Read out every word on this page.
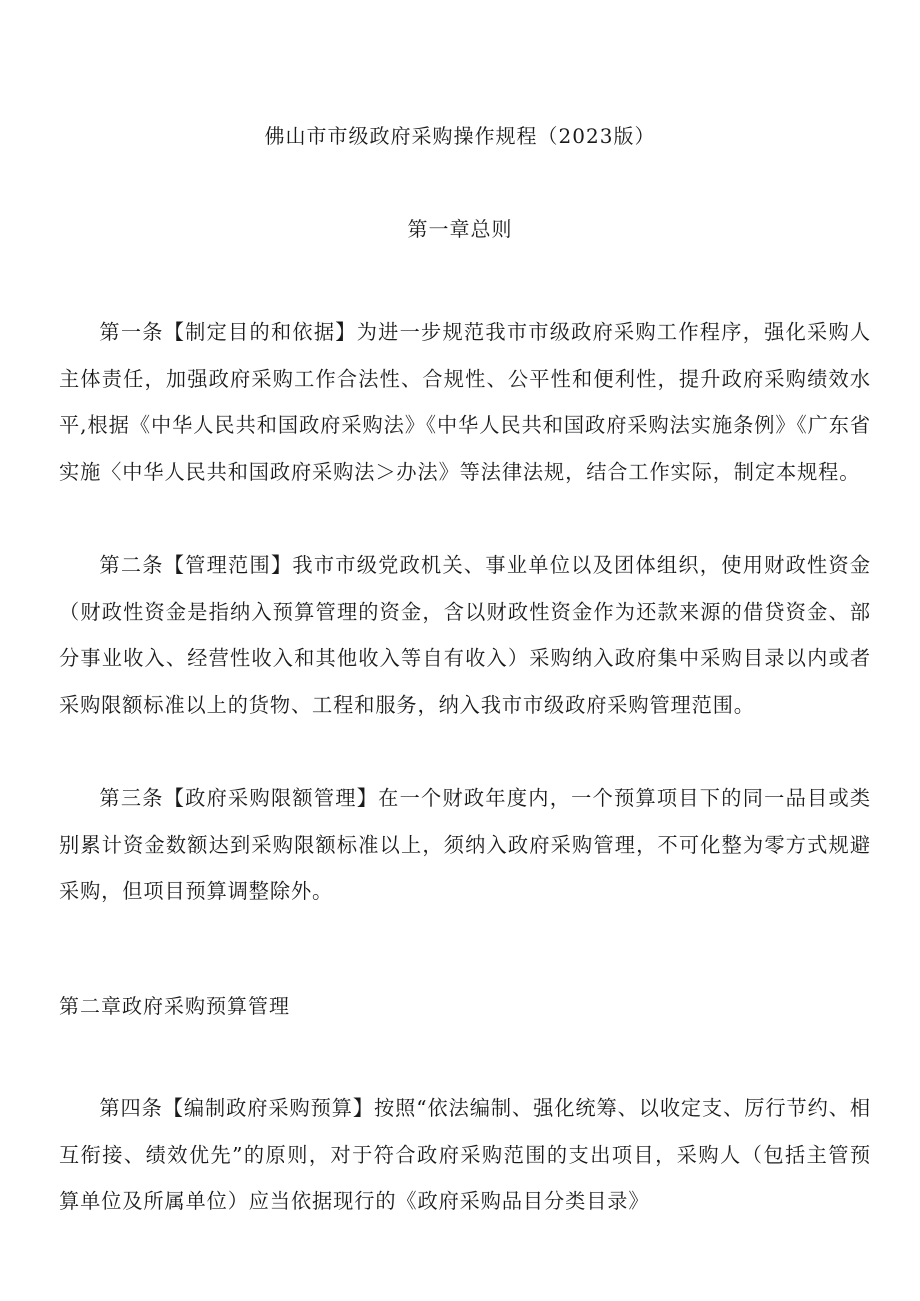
佛山市市级政府采购操作规程（2023版）
第一章总则

第一条【制定目的和依据】为进一步规范我市市级政府采购工作程序，强化采购人主体责任，加强政府采购工作合法性、合规性、公平性和便利性，提升政府采购绩效水平,根据《中华人民共和国政府采购法》《中华人民共和国政府采购法实施条例》《广东省实施〈中华人民共和国政府采购法＞办法》等法律法规，结合工作实际，制定本规程。

第二条【管理范围】我市市级党政机关、事业单位以及团体组织，使用财政性资金（财政性资金是指纳入预算管理的资金，含以财政性资金作为还款来源的借贷资金、部分事业收入、经营性收入和其他收入等自有收入）采购纳入政府集中采购目录以内或者采购限额标准以上的货物、工程和服务，纳入我市市级政府采购管理范围。

第三条【政府采购限额管理】在一个财政年度内，一个预算项目下的同一品目或类别累计资金数额达到采购限额标准以上，须纳入政府采购管理，不可化整为零方式规避采购，但项目预算调整除外。

第二章政府采购预算管理

第四条【编制政府采购预算】按照“依法编制、强化统筹、以收定支、厉行节约、相互衔接、绩效优先”的原则，对于符合政府采购范围的支出项目，采购人（包括主管预算单位及所属单位）应当依据现行的《政府采购品目分类目录》
